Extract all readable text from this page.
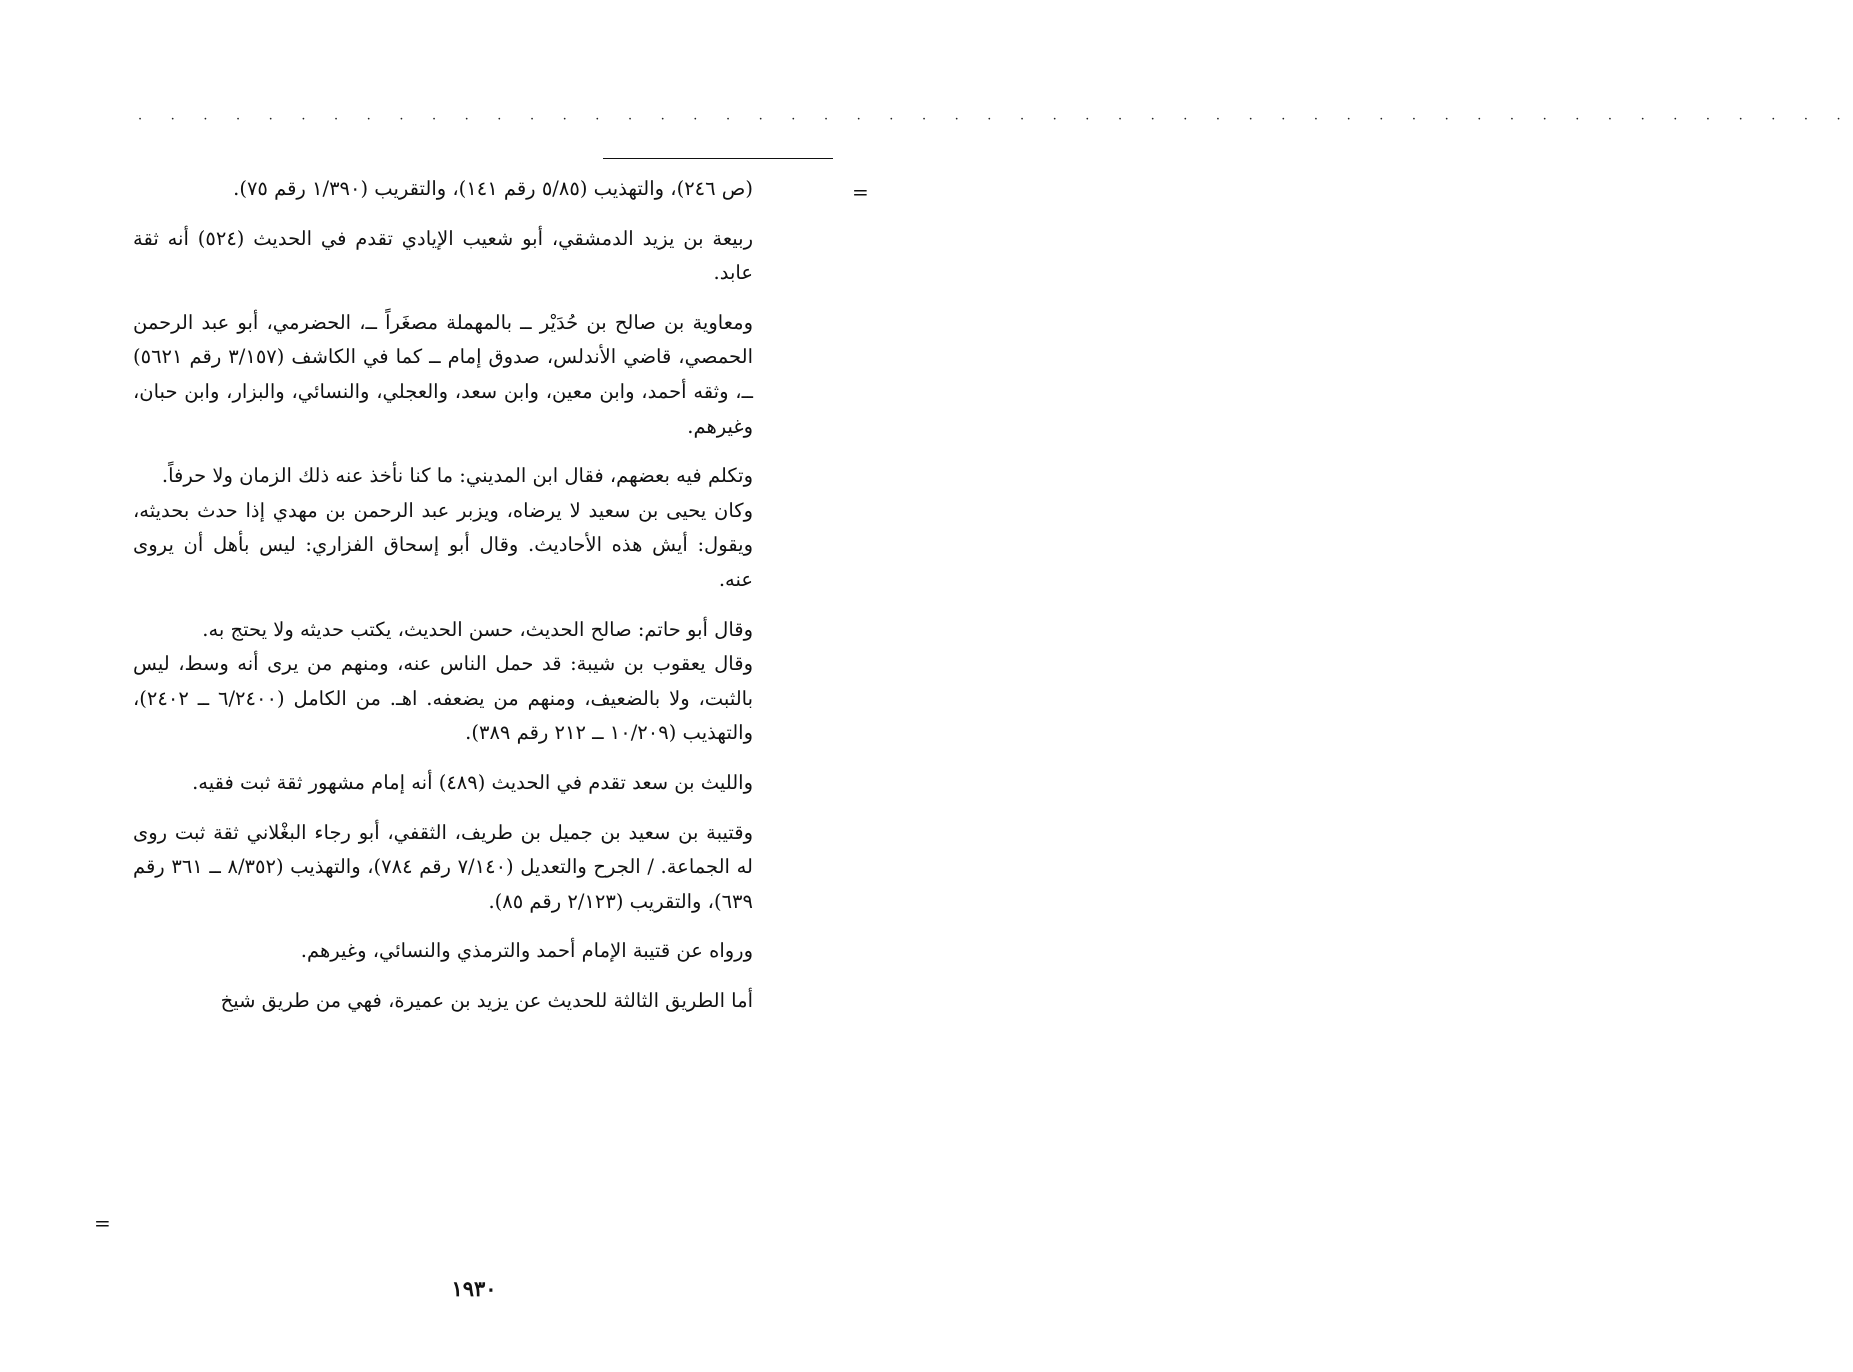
· · · · · · · · · · · · · · · · · · · · · · · · · · · · · · · · · · · · · · · · · · · · · · · · · · · · ·
=
=

(ص ٢٤٦)، والتهذيب (٥/٨٥ رقم ١٤١)، والتقريب (١/٣٩٠ رقم ٧٥).

ربيعة بن يزيد الدمشقي، أبو شعيب الإيادي تقدم في الحديث (٥٢٤) أنه ثقة عابد.

ومعاوية بن صالح بن حُدَيْر ــ بالمهملة مصغَراً ــ، الحضرمي، أبو عبد الرحمن الحمصي، قاضي الأندلس، صدوق إمام ــ كما في الكاشف (٣/١٥٧ رقم ٥٦٢١) ــ، وثقه أحمد، وابن معين، وابن سعد، والعجلي، والنسائي، والبزار، وابن حبان، وغيرهم.

وتكلم فيه بعضهم، فقال ابن المديني: ما كنا نأخذ عنه ذلك الزمان ولا حرفاً.

وكان يحيى بن سعيد لا يرضاه، ويزبر عبد الرحمن بن مهدي إذا حدث بحديثه، ويقول: أيش هذه الأحاديث. وقال أبو إسحاق الفزاري: ليس بأهل أن يروى عنه.

وقال أبو حاتم: صالح الحديث، حسن الحديث، يكتب حديثه ولا يحتج به.

وقال يعقوب بن شيبة: قد حمل الناس عنه، ومنهم من يرى أنه وسط، ليس بالثبت، ولا بالضعيف، ومنهم من يضعفه. اهـ. من الكامل (٦/٢٤٠٠ ــ ٢٤٠٢)، والتهذيب (١٠/٢٠٩ ــ ٢١٢ رقم ٣٨٩).

والليث بن سعد تقدم في الحديث (٤٨٩) أنه إمام مشهور ثقة ثبت فقيه.

وقتيبة بن سعيد بن جميل بن طريف، الثقفي، أبو رجاء البغْلاني ثقة ثبت روى له الجماعة. / الجرح والتعديل (٧/١٤٠ رقم ٧٨٤)، والتهذيب (٨/٣٥٢ ــ ٣٦١ رقم ٦٣٩)، والتقريب (٢/١٢٣ رقم ٨٥).

ورواه عن قتيبة الإمام أحمد والترمذي والنسائي، وغيرهم.

أما الطريق الثالثة للحديث عن يزيد بن عميرة، فهي من طريق شيخ

١٩٣٠
